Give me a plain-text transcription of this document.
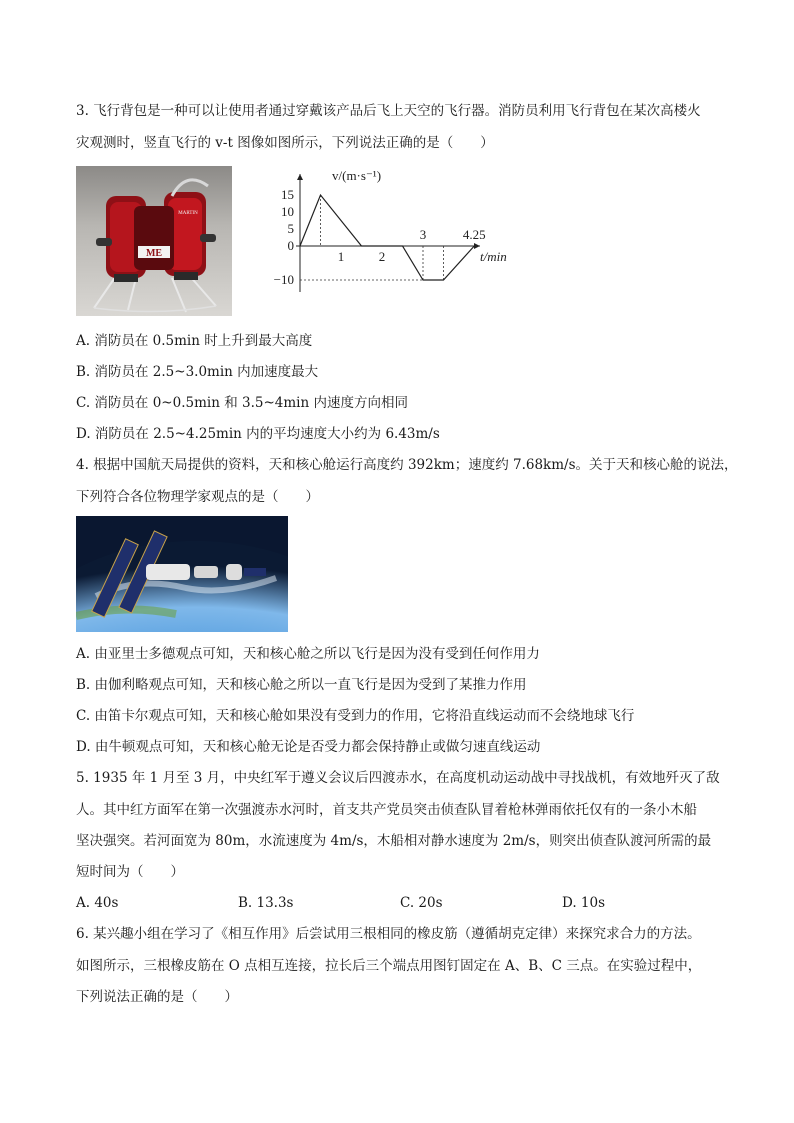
3. 飞行背包是一种可以让使用者通过穿戴该产品后飞上天空的飞行器。消防员利用飞行背包在某次高楼火
灾观测时，竖直飞行的 v-t 图像如图所示，下列说法正确的是（　　）
ME
MARTIN
15
10
5
0
−10
1	2
3	4.25
v/(m·s⁻¹)
t/min
A. 消防员在 0.5min 时上升到最大高度
B. 消防员在 2.5~3.0min 内加速度最大
C. 消防员在 0~0.5min 和 3.5~4min 内速度方向相同
D. 消防员在 2.5~4.25min 内的平均速度大小约为 6.43m/s
4. 根据中国航天局提供的资料，天和核心舱运行高度约 392km；速度约 7.68km/s。关于天和核心舱的说法，
下列符合各位物理学家观点的是（　　）
A. 由亚里士多德观点可知，天和核心舱之所以飞行是因为没有受到任何作用力
B. 由伽利略观点可知，天和核心舱之所以一直飞行是因为受到了某推力作用
C. 由笛卡尔观点可知，天和核心舱如果没有受到力的作用，它将沿直线运动而不会绕地球飞行
D. 由牛顿观点可知，天和核心舱无论是否受力都会保持静止或做匀速直线运动
5. 1935 年 1 月至 3 月，中央红军于遵义会议后四渡赤水，在高度机动运动战中寻找战机，有效地歼灭了敌
人。其中红方面军在第一次强渡赤水河时，首支共产党员突击侦查队冒着枪林弹雨依托仅有的一条小木船
坚决强突。若河面宽为 80m，水流速度为 4m/s，木船相对静水速度为 2m/s，则突出侦查队渡河所需的最
短时间为（　　）
A. 40s	B. 13.3s	C. 20s	D. 10s
6. 某兴趣小组在学习了《相互作用》后尝试用三根相同的橡皮筋（遵循胡克定律）来探究求合力的方法。
如图所示，三根橡皮筋在 O 点相互连接，拉长后三个端点用图钉固定在 A、B、C 三点。在实验过程中，
下列说法正确的是（　　）
